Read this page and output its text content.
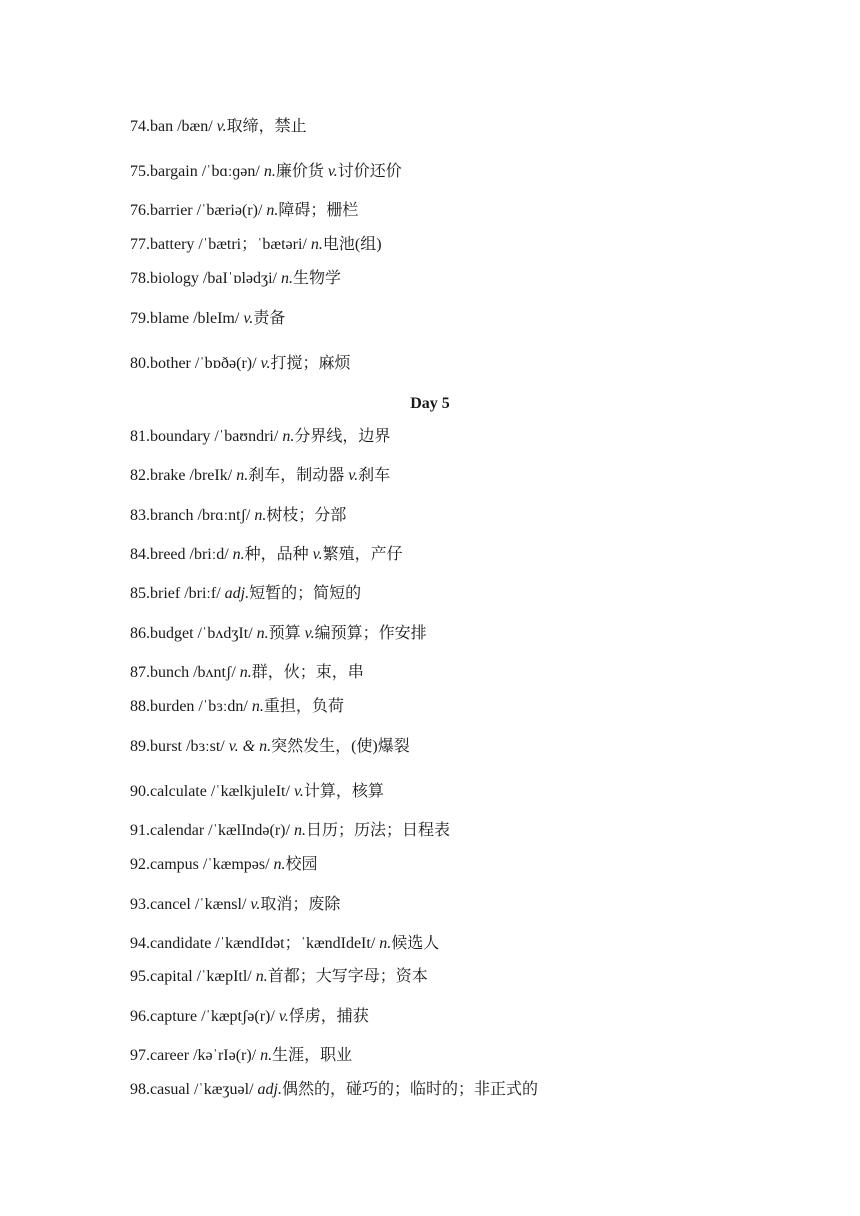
74.ban /bæn/ v.取缔，禁止
75.bargain /ˈbɑːɡən/ n.廉价货 v.讨价还价
76.barrier /ˈbæriə(r)/ n.障碍；栅栏
77.battery /ˈbætri；ˈbætəri/ n.电池(组)
78.biology /baIˈɒlədʒi/ n.生物学
79.blame /bleIm/ v.责备
80.bother /ˈbɒðə(r)/ v.打搅；麻烦
Day 5
81.boundary /ˈbaʊndri/ n.分界线，边界
82.brake /breIk/ n.刹车，制动器 v.刹车
83.branch /brɑːntʃ/ n.树枝；分部
84.breed /briːd/ n.种，品种 v.繁殖，产仔
85.brief /briːf/ adj.短暂的；简短的
86.budget /ˈbʌdʒIt/ n.预算 v.编预算；作安排
87.bunch /bʌntʃ/ n.群，伙；束，串
88.burden /ˈbɜːdn/ n.重担，负荷
89.burst /bɜːst/ v. & n.突然发生，(使)爆裂
90.calculate /ˈkælkjuleIt/ v.计算，核算
91.calendar /ˈkælIndə(r)/ n.日历；历法；日程表
92.campus /ˈkæmpəs/ n.校园
93.cancel /ˈkænsl/ v.取消；废除
94.candidate /ˈkændIdət；ˈkændIdeIt/ n.候选人
95.capital /ˈkæpItl/ n.首都；大写字母；资本
96.capture /ˈkæptʃə(r)/ v.俘虏，捕获
97.career /kəˈrIə(r)/ n.生涯，职业
98.casual /ˈkæʒuəl/ adj.偶然的，碰巧的；临时的；非正式的
